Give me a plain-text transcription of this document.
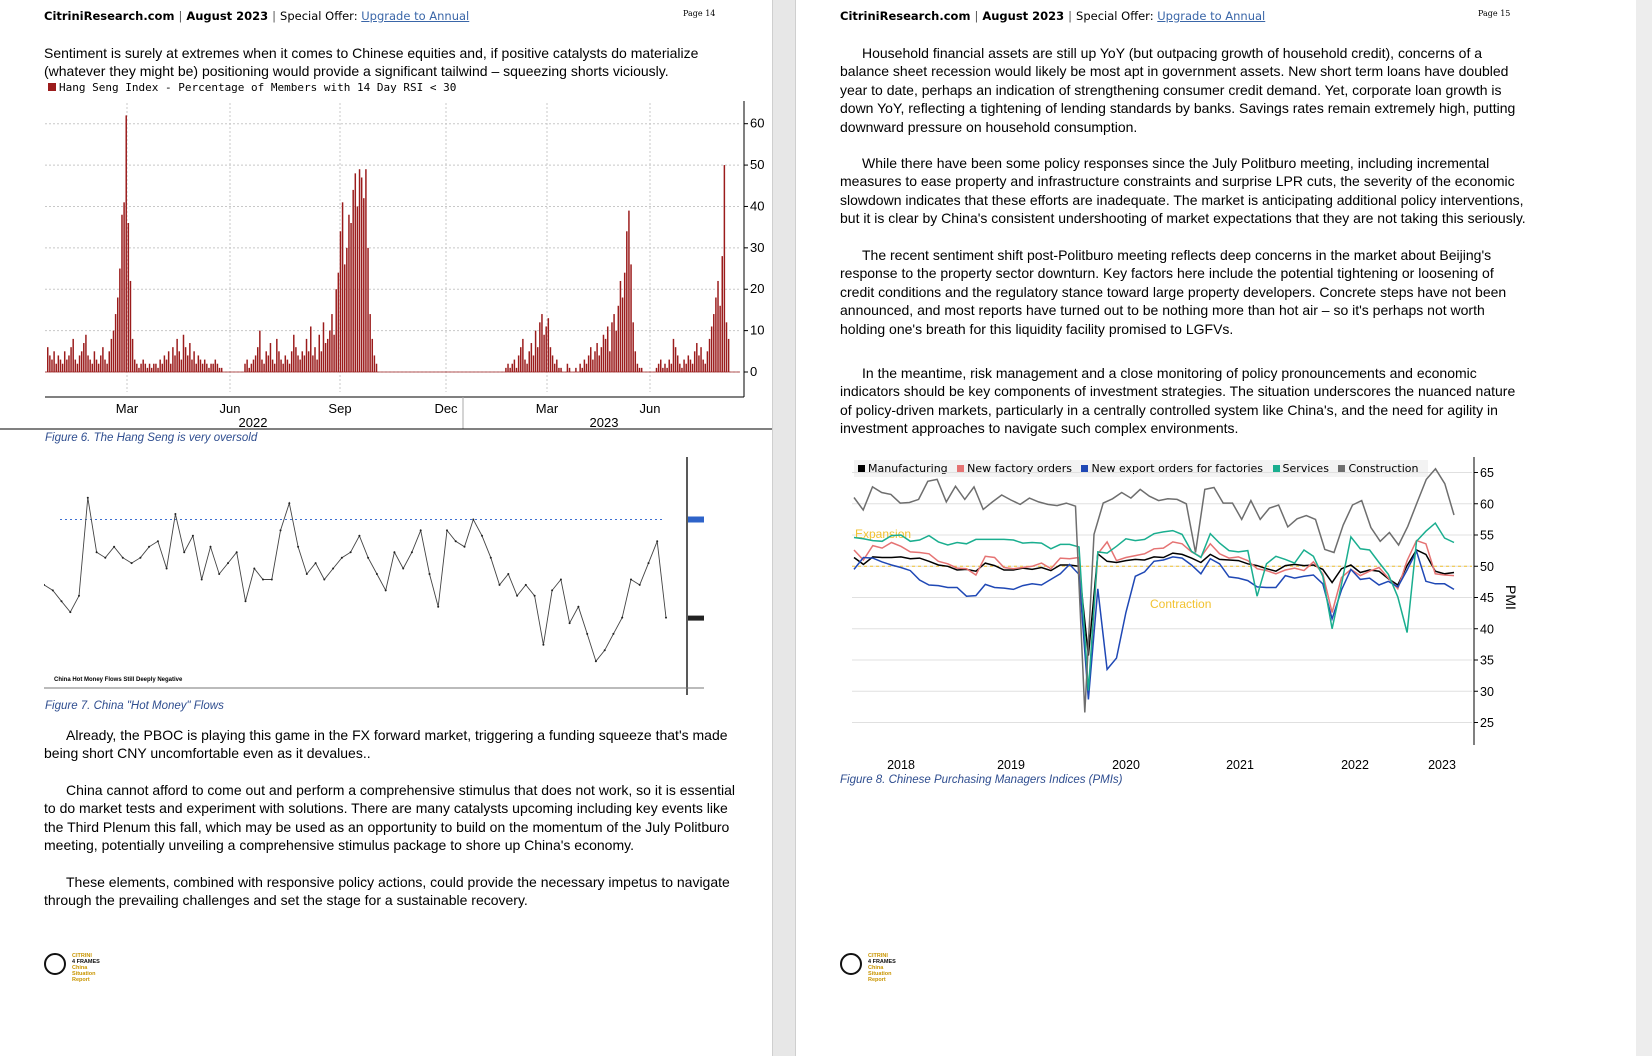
CitriniResearch.com | August 2023 | Special Offer: Upgrade to Annual	Page 14

Sentiment is surely at extremes when it comes to Chinese equities and, if positive catalysts do materialize (whatever they might be) positioning would provide a significant tailwind – squeezing shorts viciously.

Hang Seng Index - Percentage of Members with 14 Day RSI < 30
0
10
20
30
40
50
60
Mar	Jun	Sep	Dec	Mar	Jun
2022	2023

Figure 6. The Hang Seng is very oversold

China Hot Money Flows Still Deeply Negative

Figure 7. China "Hot Money" Flows

Already, the PBOC is playing this game in the FX forward market, triggering a funding squeeze that's made being short CNY uncomfortable even as it devalues..

China cannot afford to come out and perform a comprehensive stimulus that does not work, so it is essential to do market tests and experiment with solutions. There are many catalysts upcoming including key events like the Third Plenum this fall, which may be used as an opportunity to build on the momentum of the July Politburo meeting, potentially unveiling a comprehensive stimulus package to shore up China's economy.

These elements, combined with responsive policy actions, could provide the necessary impetus to navigate through the prevailing challenges and set the stage for a sustainable recovery.

CITRINI
4 FRAMES
China
Situation
Report
CitriniResearch.com | August 2023 | Special Offer: Upgrade to Annual	Page 15

Household financial assets are still up YoY (but outpacing growth of household credit), concerns of a balance sheet recession would likely be most apt in government assets. New short term loans have doubled year to date, perhaps an indication of strengthening consumer credit demand. Yet, corporate loan growth is down YoY, reflecting a tightening of lending standards by banks. Savings rates remain extremely high, putting downward pressure on household consumption.

While there have been some policy responses since the July Politburo meeting, including incremental measures to ease property and infrastructure constraints and surprise LPR cuts, the severity of the economic slowdown indicates that these efforts are inadequate. The market is anticipating additional policy interventions, but it is clear by China's consistent undershooting of market expectations that they are not taking this seriously.

The recent sentiment shift post-Politburo meeting reflects deep concerns in the market about Beijing's response to the property sector downturn. Key factors here include the potential tightening or loosening of credit conditions and the regulatory stance toward large property developers. Concrete steps have not been announced, and most reports have turned out to be nothing more than hot air – so it's perhaps not worth holding one's breath for this liquidity facility promised to LGFVs.

In the meantime, risk management and a close monitoring of policy pronouncements and economic indicators should be key components of investment strategies. The situation underscores the nuanced nature of policy-driven markets, particularly in a centrally controlled system like China's, and the need for agility in investment approaches to navigate such complex environments.

Manufacturing New factory orders New export orders for factories Services Construction
25
30
35
40
45
50
55
60
65
PMI
Expansion
Contraction
2018	2019	2020	2021	2022	2023

Figure 8. Chinese Purchasing Managers Indices (PMIs)

CITRINI
4 FRAMES
China
Situation
Report
